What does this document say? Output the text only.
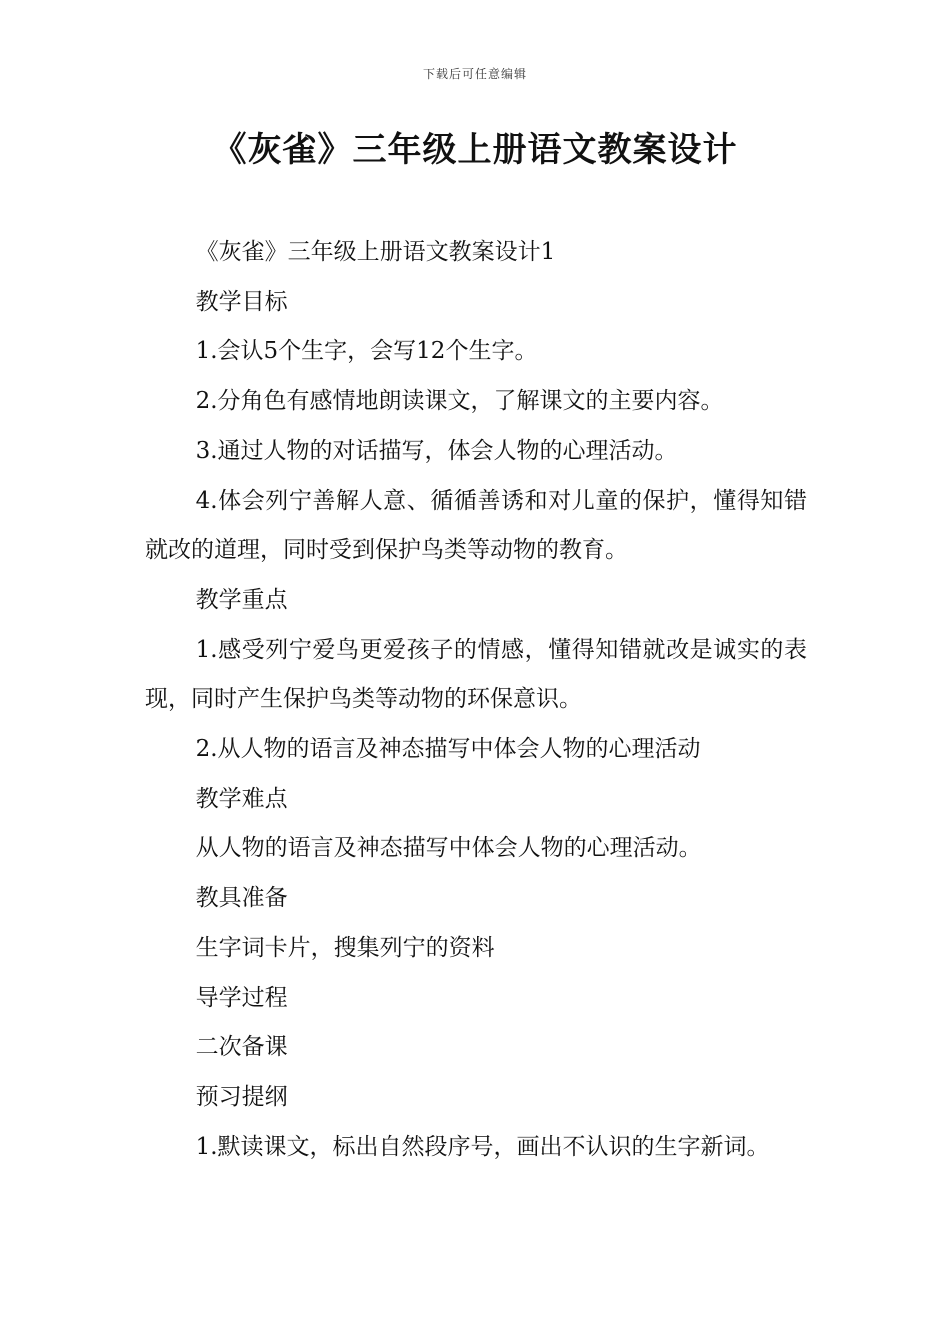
下载后可任意编辑
《灰雀》三年级上册语文教案设计

《灰雀》三年级上册语文教案设计1

教学目标

1.会认5个生字，会写12个生字。

2.分角色有感情地朗读课文，了解课文的主要内容。

3.通过人物的对话描写，体会人物的心理活动。

4.体会列宁善解人意、循循善诱和对儿童的保护，懂得知错就改的道理，同时受到保护鸟类等动物的教育。

教学重点

1.感受列宁爱鸟更爱孩子的情感，懂得知错就改是诚实的表现，同时产生保护鸟类等动物的环保意识。

2.从人物的语言及神态描写中体会人物的心理活动

教学难点

从人物的语言及神态描写中体会人物的心理活动。

教具准备

生字词卡片，搜集列宁的资料

导学过程

二次备课

预习提纲

1.默读课文，标出自然段序号，画出不认识的生字新词。
